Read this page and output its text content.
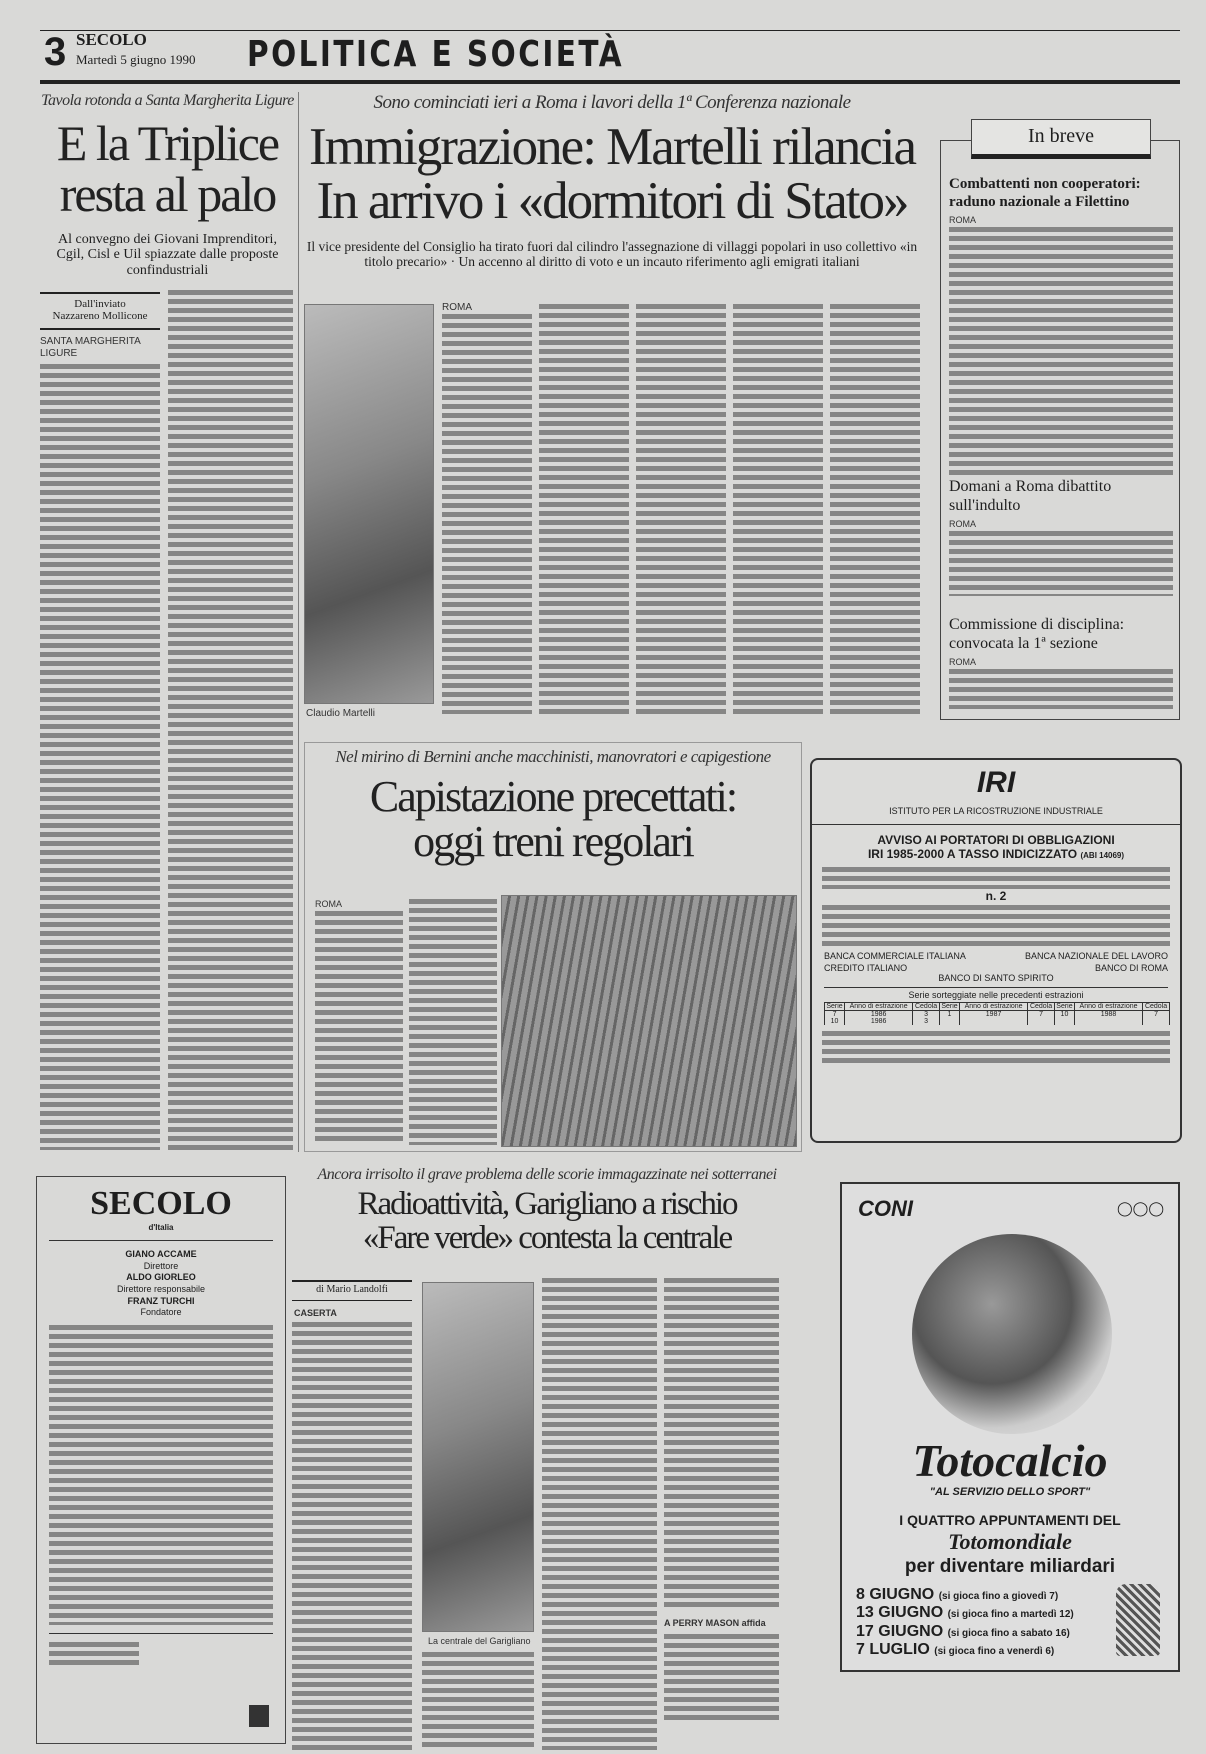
3 SECOLO
Martedì 5 giugno 1990 POLITICA E SOCIETÀ
Tavola rotonda a Santa Margherita Ligure
E la Triplice
resta al palo
Al convegno dei Giovani Imprenditori, Cgil, Cisl e Uil spiazzate dalle proposte confindustriali
Dall'inviato
Nazzareno Mollicone
SANTA MARGHERITA LIGURE
Sono cominciati ieri a Roma i lavori della 1ª Conferenza nazionale
Immigrazione: Martelli rilancia
In arrivo i «dormitori di Stato»
Il vice presidente del Consiglio ha tirato fuori dal cilindro l'assegnazione di villaggi popolari in uso collettivo «in titolo precario» · Un accenno al diritto di voto e un incauto riferimento agli emigrati italiani
Claudio Martelli
ROMA
In breve
Combattenti non cooperatori: raduno nazionale a Filettino
ROMA
Domani a Roma dibattito sull'indulto
ROMA
Commissione di disciplina: convocata la 1ª sezione
ROMA
Nel mirino di Bernini anche macchinisti, manovratori e capigestione
Capistazione precettati:
oggi treni regolari
ROMA
IRI
ISTITUTO PER LA RICOSTRUZIONE INDUSTRIALE
AVVISO AI PORTATORI DI OBBLIGAZIONI
IRI 1985-2000 A TASSO INDICIZZATO (ABI 14069)
n. 2
BANCA COMMERCIALE ITALIANA	BANCA NAZIONALE DEL LAVORO
CREDITO ITALIANO	BANCO DI ROMA
BANCO DI SANTO SPIRITO
Serie sorteggiate nelle precedenti estrazioni
Serie	Anno di estrazione	Cedola	Serie	Anno di estrazione	Cedola	Serie	Anno di estrazione	Cedola
7	1986	3	1	1987	7	10	1988	7
10	1986	3						
SECOLO
d'Italia
GIANO ACCAME
Direttore
ALDO GIORLEO
Direttore responsabile
FRANZ TURCHI
Fondatore
Ancora irrisolto il grave problema delle scorie immagazzinate nei sotterranei
Radioattività, Garigliano a rischio
«Fare verde» contesta la centrale
di Mario Landolfi
CASERTA
La centrale del Garigliano
A PERRY MASON affida
CONI	◯◯◯
Totocalcio
"AL SERVIZIO DELLO SPORT"
I QUATTRO APPUNTAMENTI DEL
Totomondiale
per diventare miliardari
8 GIUGNO (si gioca fino a giovedì 7)
13 GIUGNO (si gioca fino a martedì 12)
17 GIUGNO (si gioca fino a sabato 16)
7 LUGLIO (si gioca fino a venerdì 6)
